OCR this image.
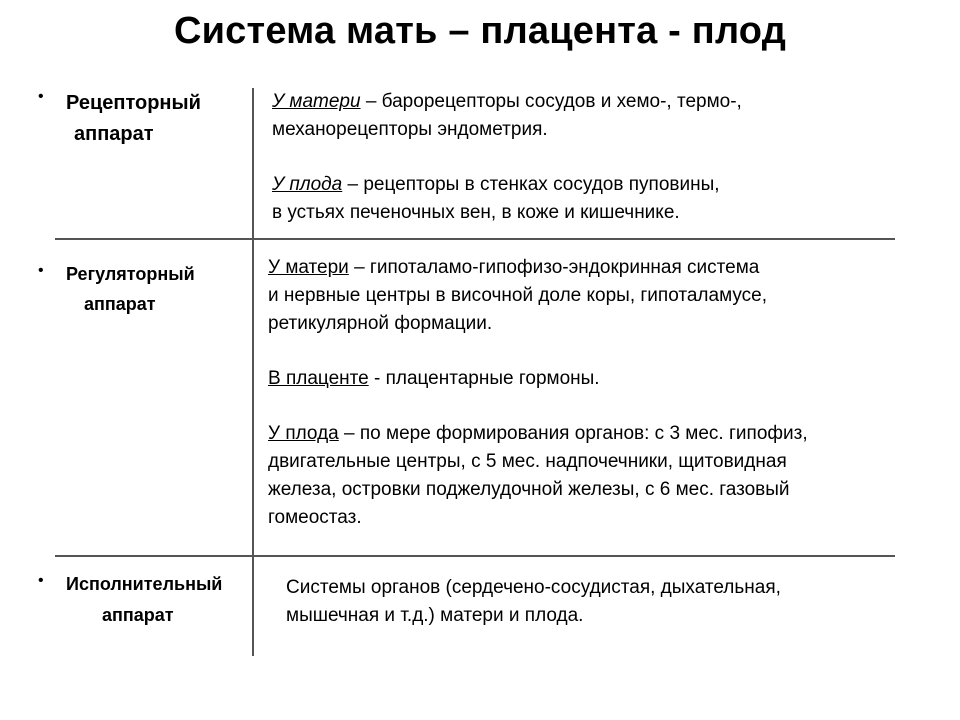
Система мать – плацента - плод
• Рецепторный
аппарат
У матери – барорецепторы сосудов и хемо-, термо-,
механорецепторы эндометрия.
У плода – рецепторы в стенках сосудов пуповины,
в устьях печеночных вен, в коже и кишечнике.
• Регуляторный
аппарат
У матери – гипоталамо-гипофизо-эндокринная система
и нервные центры в височной доле коры, гипоталамусе,
ретикулярной формации.
В плаценте - плацентарные гормоны.
У плода – по мере формирования органов: с 3 мес. гипофиз,
двигательные центры, с 5 мес. надпочечники, щитовидная
железа, островки поджелудочной железы, с 6 мес. газовый
гомеостаз.
• Исполнительный
аппарат
Системы органов (сердечено-сосудистая, дыхательная,
мышечная и т.д.) матери и плода.
